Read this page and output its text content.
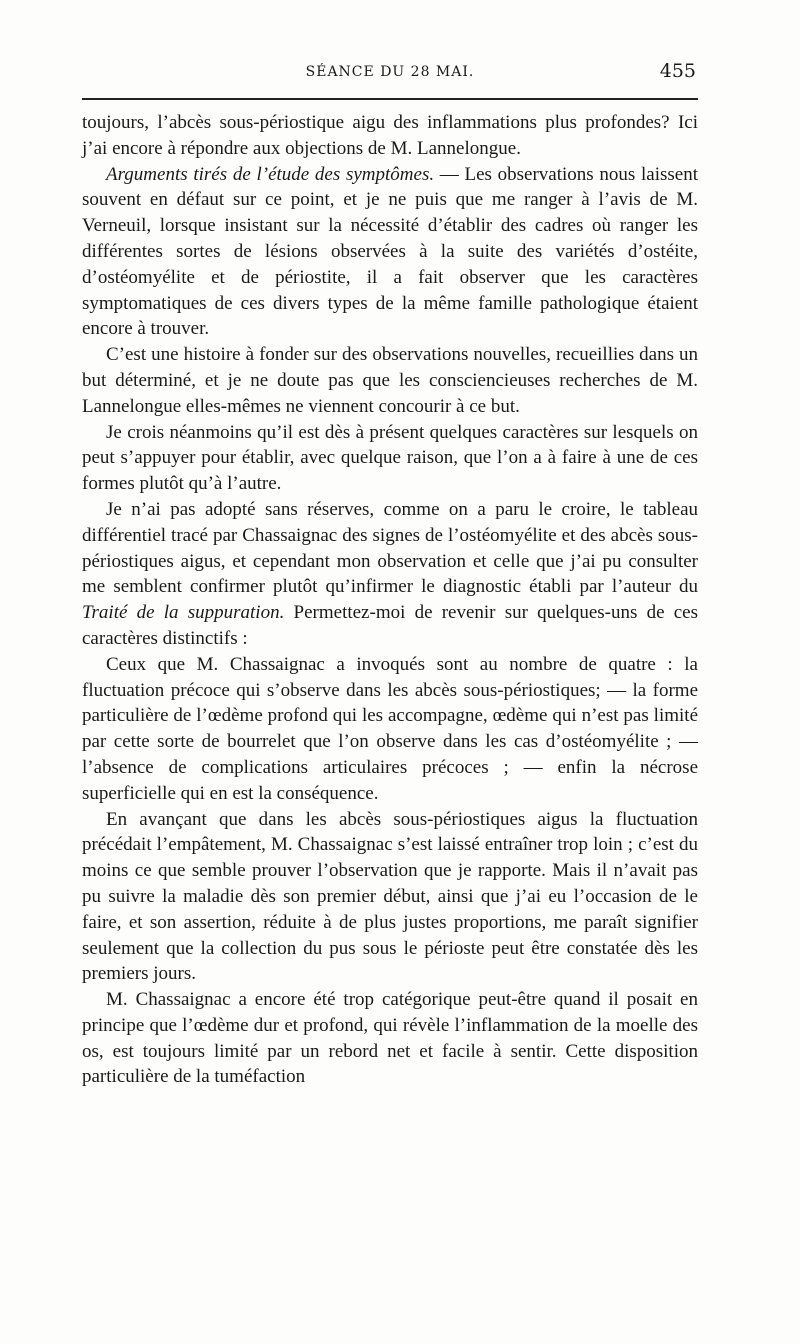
SÉANCE DU 28 MAI.	455

toujours, l’abcès sous-périostique aigu des inflammations plus profondes? Ici j’ai encore à répondre aux objections de M. Lannelongue.

Arguments tirés de l’étude des symptômes. — Les observations nous laissent souvent en défaut sur ce point, et je ne puis que me ranger à l’avis de M. Verneuil, lorsque insistant sur la nécessité d’établir des cadres où ranger les différentes sortes de lésions observées à la suite des variétés d’ostéite, d’ostéomyélite et de périostite, il a fait observer que les caractères symptomatiques de ces divers types de la même famille pathologique étaient encore à trouver.

C’est une histoire à fonder sur des observations nouvelles, recueillies dans un but déterminé, et je ne doute pas que les consciencieuses recherches de M. Lannelongue elles-mêmes ne viennent concourir à ce but.

Je crois néanmoins qu’il est dès à présent quelques caractères sur lesquels on peut s’appuyer pour établir, avec quelque raison, que l’on a à faire à une de ces formes plutôt qu’à l’autre.

Je n’ai pas adopté sans réserves, comme on a paru le croire, le tableau différentiel tracé par Chassaignac des signes de l’ostéomyélite et des abcès sous-périostiques aigus, et cependant mon observation et celle que j’ai pu consulter me semblent confirmer plutôt qu’infirmer le diagnostic établi par l’auteur du Traité de la suppuration. Permettez-moi de revenir sur quelques-uns de ces caractères distinctifs :

Ceux que M. Chassaignac a invoqués sont au nombre de quatre : la fluctuation précoce qui s’observe dans les abcès sous-périostiques; — la forme particulière de l’œdème profond qui les accompagne, œdème qui n’est pas limité par cette sorte de bourrelet que l’on observe dans les cas d’ostéomyélite ; — l’absence de complications articulaires précoces ; — enfin la nécrose superficielle qui en est la conséquence.

En avançant que dans les abcès sous-périostiques aigus la fluctuation précédait l’empâtement, M. Chassaignac s’est laissé entraîner trop loin ; c’est du moins ce que semble prouver l’observation que je rapporte. Mais il n’avait pas pu suivre la maladie dès son premier début, ainsi que j’ai eu l’occasion de le faire, et son assertion, réduite à de plus justes proportions, me paraît signifier seulement que la collection du pus sous le périoste peut être constatée dès les premiers jours.

M. Chassaignac a encore été trop catégorique peut-être quand il posait en principe que l’œdème dur et profond, qui révèle l’inflammation de la moelle des os, est toujours limité par un rebord net et facile à sentir. Cette disposition particulière de la tuméfaction
